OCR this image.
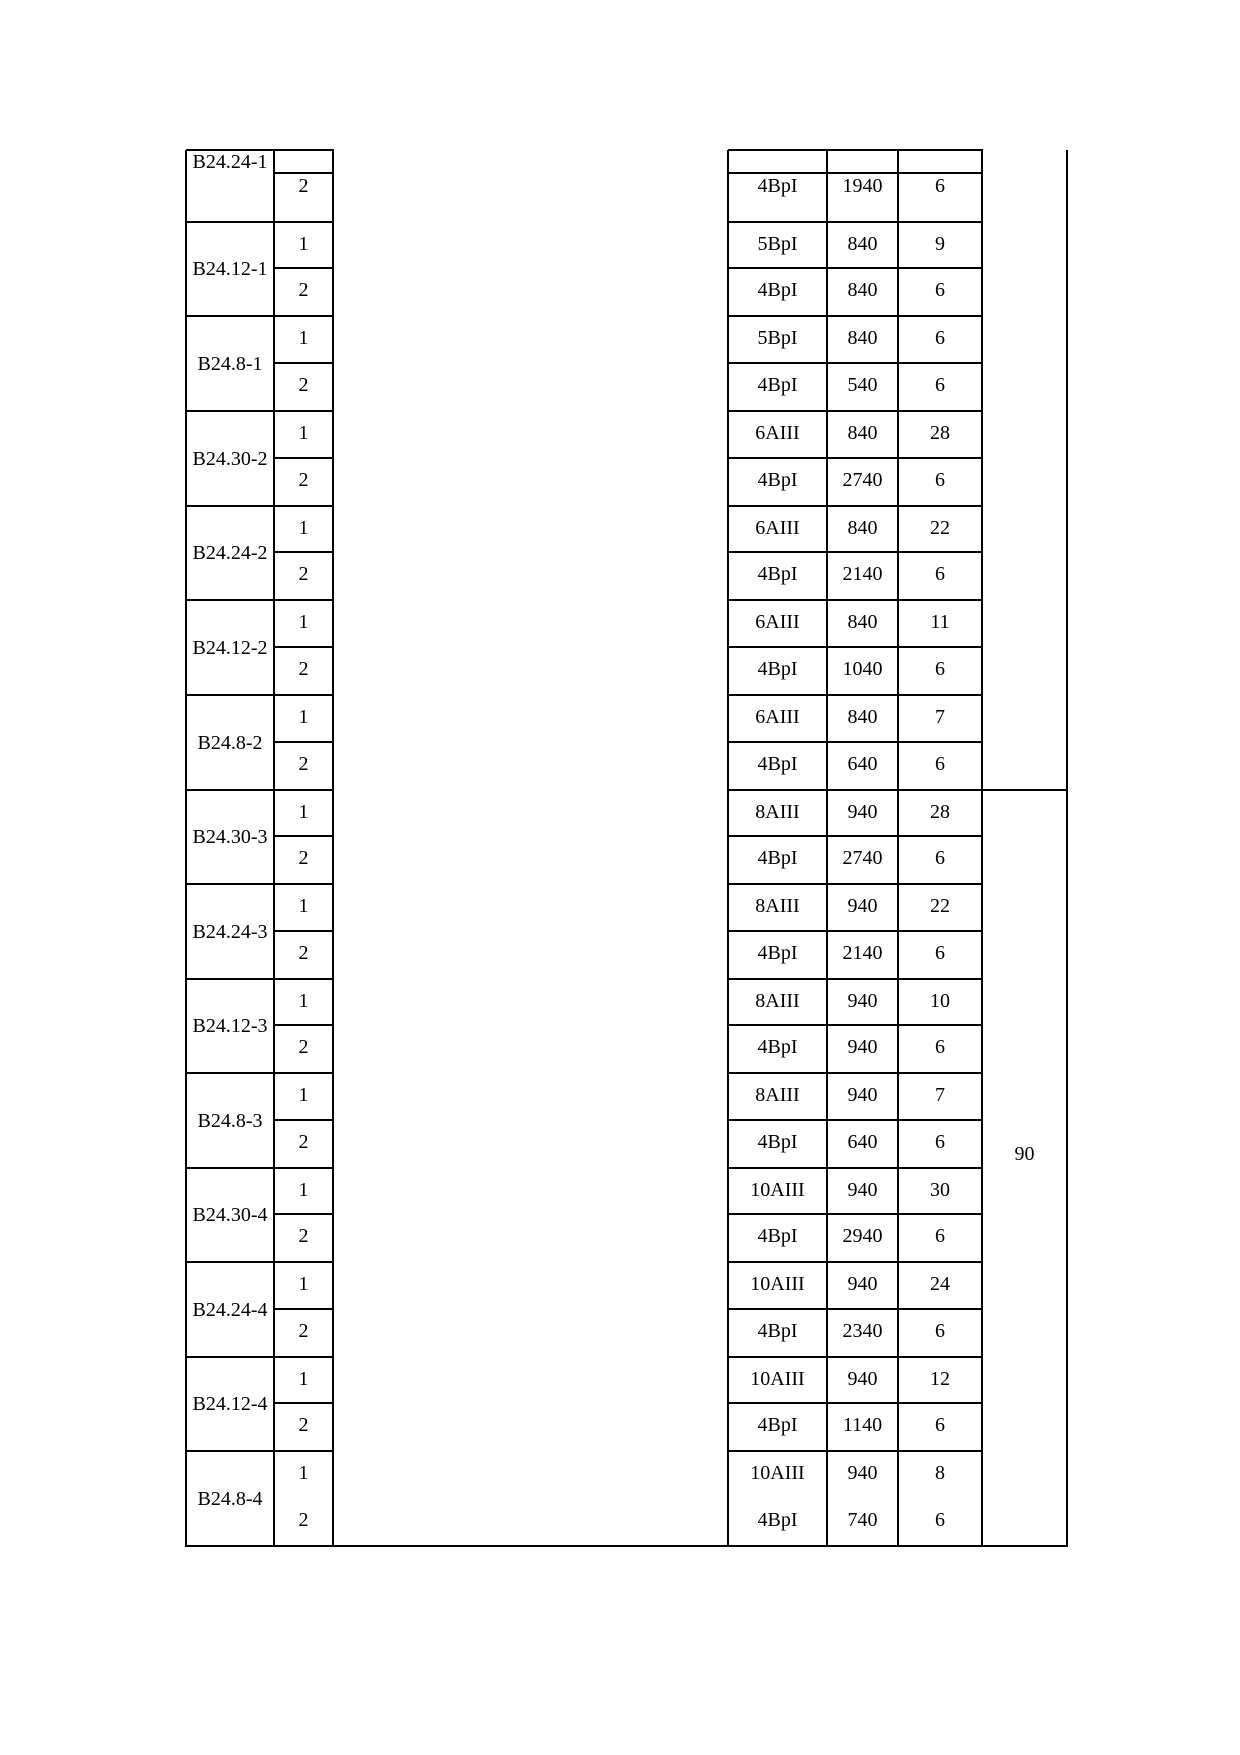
B24.24-1
2	4BpI	1940	6
B24.12-1
1	5BpI	840	9
2	4BpI	840	6
B24.8-1
1	5BpI	840	6
2	4BpI	540	6
B24.30-2
1	6AIII	840	28
2	4BpI	2740	6
B24.24-2
1	6AIII	840	22
2	4BpI	2140	6
B24.12-2
1	6AIII	840	11
2	4BpI	1040	6
B24.8-2
1	6AIII	840	7
2	4BpI	640	6
B24.30-3
1	8AIII	940	28
2	4BpI	2740	6
B24.24-3
1	8AIII	940	22
2	4BpI	2140	6
B24.12-3
1	8AIII	940	10
2	4BpI	940	6
B24.8-3
1	8AIII	940	7
2	4BpI	640	6
B24.30-4
1	10AIII	940	30
2	4BpI	2940	6
B24.24-4
1	10AIII	940	24
2	4BpI	2340	6
B24.12-4
1	10AIII	940	12
2	4BpI	1140	6
B24.8-4
1	10AIII	940	8
2	4BpI	740	6
90
